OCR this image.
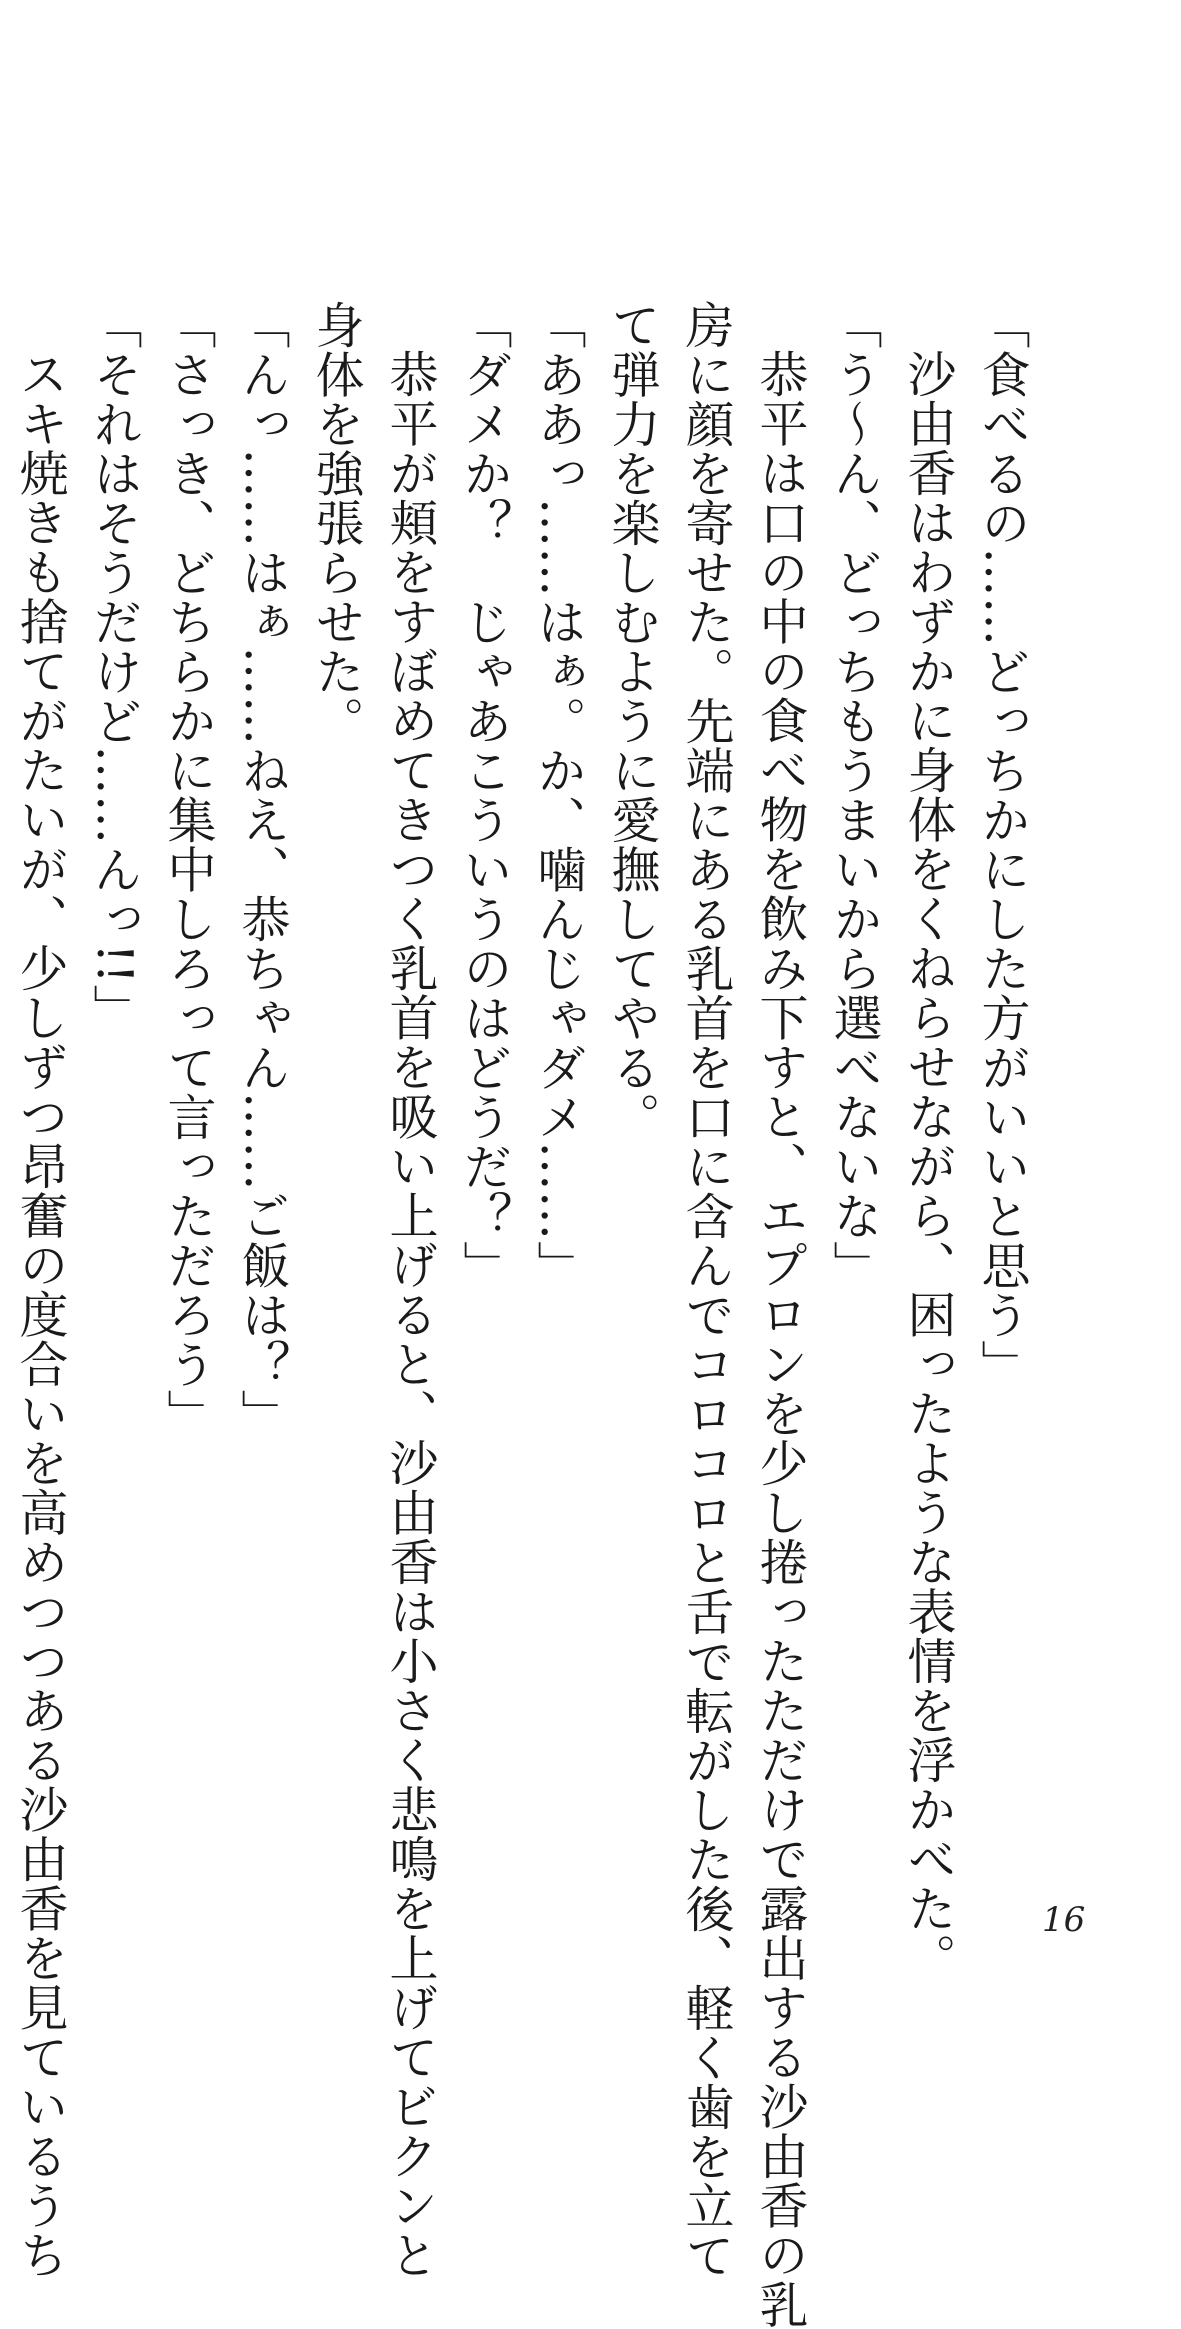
「食べるの……どっちかにした方がいいと思う」

沙由香はわずかに身体をくねらせながら、困ったような表情を浮かべた。

「う〜ん、どっちもうまいから選べないな」

恭平は口の中の食べ物を飲み下すと、エプロンを少し捲ったただけで露出する沙由香の乳

房に顔を寄せた。先端にある乳首を口に含んでコロコロと舌で転がした後、軽く歯を立て

て弾力を楽しむように愛撫してやる。

「ああっ……はぁ。か、噛んじゃダメ……」

「ダメか？　じゃあこういうのはどうだ？」

恭平が頬をすぼめてきつく乳首を吸い上げると、沙由香は小さく悲鳴を上げてビクンと

身体を強張らせた。

「んっ……はぁ……ねえ、恭ちゃん……ご飯は？」

「さっき、どちらかに集中しろって言っただろう」

「それはそうだけど……んっ!!」

スキ焼きも捨てがたいが、少しずつ昂奮の度合いを高めつつある沙由香を見ているうち	16
